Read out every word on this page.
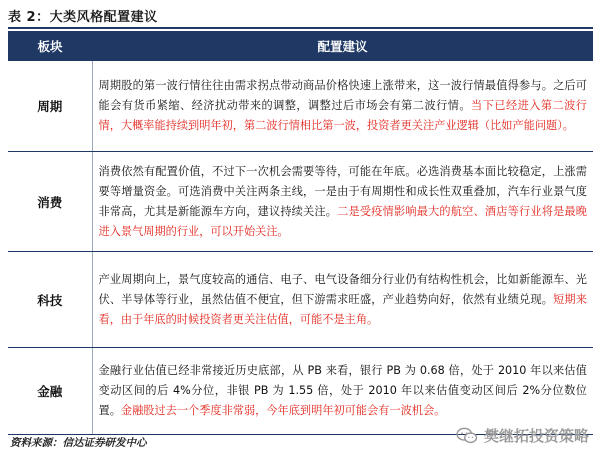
表 2：大类风格配置建议
板块	配置建议
周期	周期股的第一波行情往往由需求拐点带动商品价格快速上涨带来，这一波行情最值得参与。之后可能会有货币紧缩、经济扰动带来的调整，调整过后市场会有第二波行情。当下已经进入第二波行情，大概率能持续到明年初，第二波行情相比第一波，投资者更关注产业逻辑（比如产能问题）。
消费	消费依然有配置价值，不过下一次机会需要等待，可能在年底。必选消费基本面比较稳定，上涨需要等增量资金。可选消费中关注两条主线，一是由于有周期性和成长性双重叠加，汽车行业景气度非常高，尤其是新能源车方向，建议持续关注。二是受疫情影响最大的航空、酒店等行业将是最晚进入景气周期的行业，可以开始关注。
科技	产业周期向上，景气度较高的通信、电子、电气设备细分行业仍有结构性机会，比如新能源车、光伏、半导体等行业，虽然估值不便宜，但下游需求旺盛，产业趋势向好，依然有业绩兑现。短期来看，由于年底的时候投资者更关注估值，可能不是主角。
金融	金融行业估值已经非常接近历史底部，从 PB 来看，银行 PB 为 0.68 倍，处于 2010 年以来估值变动区间的后 4%分位，非银 PB 为 1.55 倍，处于 2010 年以来估值变动区间后 2%分位数位置。金融股过去一个季度非常弱，今年底到明年初可能会有一波机会。
资料来源：信达证券研发中心	樊继拓投资策略
